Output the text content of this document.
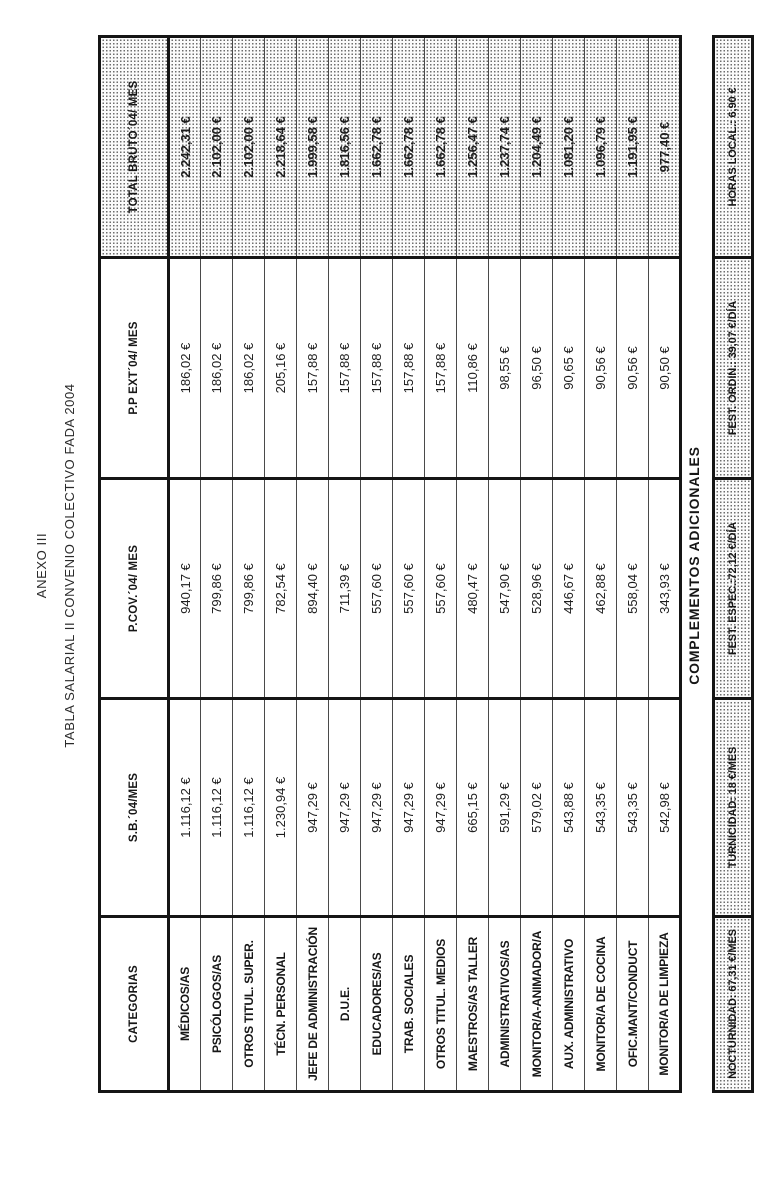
ANEXO III TABLA SALARIAL II CONVENIO COLECTIVO FADA 2004
CATEGORIAS	S.B.´04/MES	P.COV.´04/ MES	P.P EXT´04/ MES	TOTAL BRUTO´04/ MES
MÉDICOS/AS	1.116,12 €	940,17 €	186,02 €	2.242,31 €
PSICÓLOGOS/AS	1.116,12 €	799,86 €	186,02 €	2.102,00 €
OTROS TITUL. SUPER.	1.116,12 €	799,86 €	186,02 €	2.102,00 €
TÉCN. PERSONAL	1.230,94 €	782,54 €	205,16 €	2.218,64 €
JEFE DE ADMINISTRACIÓN	947,29 €	894,40 €	157,88 €	1.999,58 €
D.U.E.	947,29 €	711,39 €	157,88 €	1.816,56 €
EDUCADORES/AS	947,29 €	557,60 €	157,88 €	1.662,78 €
TRAB. SOCIALES	947,29 €	557,60 €	157,88 €	1.662,78 €
OTROS TITUL. MEDIOS	947,29 €	557,60 €	157,88 €	1.662,78 €
MAESTROS/AS TALLER	665,15 €	480,47 €	110,86 €	1.256,47 €
ADMINISTRATIVOS/AS	591,29 €	547,90 €	98,55 €	1.237,74 €
MONITOR/A-ANIMADOR/A	579,02 €	528,96 €	96,50 €	1.204,49 €
AUX. ADMINISTRATIVO	543,88 €	446,67 €	90,65 €	1.081,20 €
MONITOR/A DE COCINA	543,35 €	462,88 €	90,56 €	1.096,79 €
OFIC.MANT/CONDUCT	543,35 €	558,04 €	90,56 €	1.191,95 €
MONITOR/A DE LIMPIEZA	542,98 €	343,93 €	90,50 €	977,40 €
COMPLEMENTOS ADICIONALES
NOCTURNIDAD: 67,31 €/MES	TURNICIDAD: 18 €/MES	FEST. ESPEC.:72,12 €/DÍA	FEST. ORDIN.: 39,07 €/DÍA	HORAS LOCAL.: 6,90 €
